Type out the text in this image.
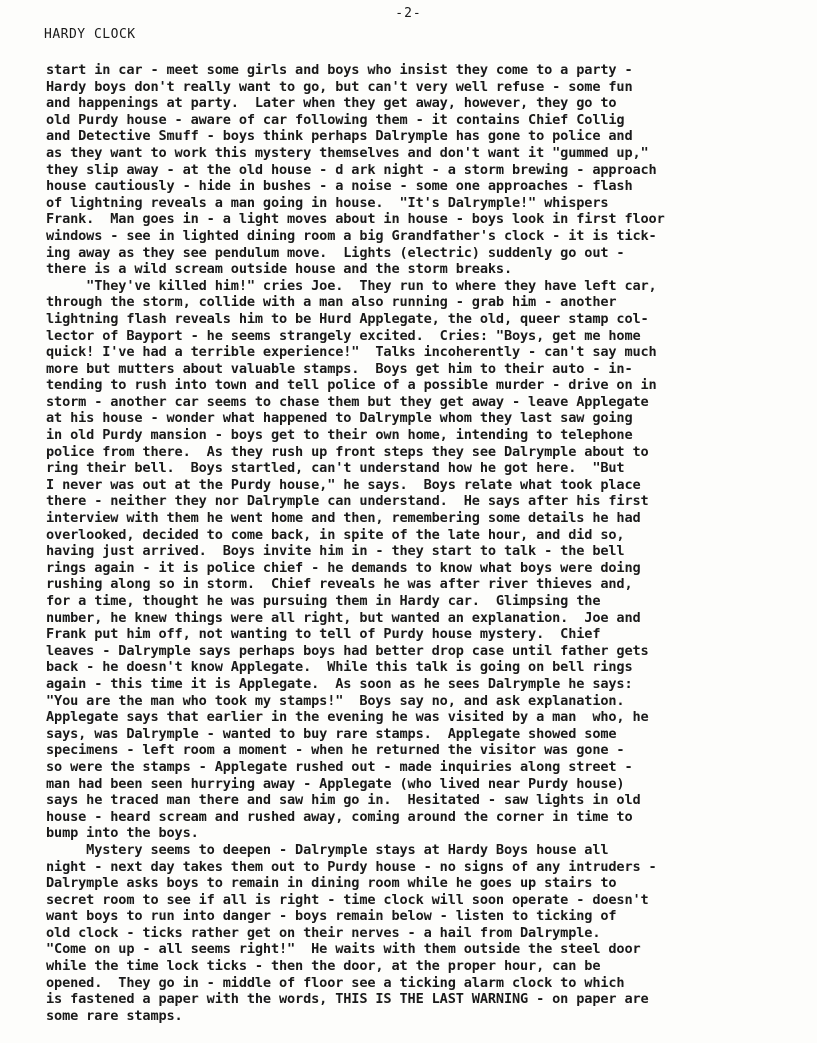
-2-
HARDY CLOCK
start in car - meet some girls and boys who insist they come to a party -
Hardy boys don't really want to go, but can't very well refuse - some fun
and happenings at party.  Later when they get away, however, they go to
old Purdy house - aware of car following them - it contains Chief Collig
and Detective Smuff - boys think perhaps Dalrymple has gone to police and
as they want to work this mystery themselves and don't want it "gummed up,"
they slip away - at the old house - d ark night - a storm brewing - approach
house cautiously - hide in bushes - a noise - some one approaches - flash
of lightning reveals a man going in house.  "It's Dalrymple!" whispers
Frank.  Man goes in - a light moves about in house - boys look in first floor
windows - see in lighted dining room a big Grandfather's clock - it is tick-
ing away as they see pendulum move.  Lights (electric) suddenly go out -
there is a wild scream outside house and the storm breaks.
"They've killed him!" cries Joe.  They run to where they have left car,
through the storm, collide with a man also running - grab him - another
lightning flash reveals him to be Hurd Applegate, the old, queer stamp col-
lector of Bayport - he seems strangely excited.  Cries: "Boys, get me home
quick! I've had a terrible experience!"  Talks incoherently - can't say much
more but mutters about valuable stamps.  Boys get him to their auto - in-
tending to rush into town and tell police of a possible murder - drive on in
storm - another car seems to chase them but they get away - leave Applegate
at his house - wonder what happened to Dalrymple whom they last saw going
in old Purdy mansion - boys get to their own home, intending to telephone
police from there.  As they rush up front steps they see Dalrymple about to
ring their bell.  Boys startled, can't understand how he got here.  "But
I never was out at the Purdy house," he says.  Boys relate what took place
there - neither they nor Dalrymple can understand.  He says after his first
interview with them he went home and then, remembering some details he had
overlooked, decided to come back, in spite of the late hour, and did so,
having just arrived.  Boys invite him in - they start to talk - the bell
rings again - it is police chief - he demands to know what boys were doing
rushing along so in storm.  Chief reveals he was after river thieves and,
for a time, thought he was pursuing them in Hardy car.  Glimpsing the
number, he knew things were all right, but wanted an explanation.  Joe and
Frank put him off, not wanting to tell of Purdy house mystery.  Chief
leaves - Dalrymple says perhaps boys had better drop case until father gets
back - he doesn't know Applegate.  While this talk is going on bell rings
again - this time it is Applegate.  As soon as he sees Dalrymple he says:
"You are the man who took my stamps!"  Boys say no, and ask explanation.
Applegate says that earlier in the evening he was visited by a man  who, he
says, was Dalrymple - wanted to buy rare stamps.  Applegate showed some
specimens - left room a moment - when he returned the visitor was gone -
so were the stamps - Applegate rushed out - made inquiries along street -
man had been seen hurrying away - Applegate (who lived near Purdy house)
says he traced man there and saw him go in.  Hesitated - saw lights in old
house - heard scream and rushed away, coming around the corner in time to
bump into the boys.
Mystery seems to deepen - Dalrymple stays at Hardy Boys house all
night - next day takes them out to Purdy house - no signs of any intruders -
Dalrymple asks boys to remain in dining room while he goes up stairs to
secret room to see if all is right - time clock will soon operate - doesn't
want boys to run into danger - boys remain below - listen to ticking of
old clock - ticks rather get on their nerves - a hail from Dalrymple.
"Come on up - all seems right!"  He waits with them outside the steel door
while the time lock ticks - then the door, at the proper hour, can be
opened.  They go in - middle of floor see a ticking alarm clock to which
is fastened a paper with the words, THIS IS THE LAST WARNING - on paper are
some rare stamps.
